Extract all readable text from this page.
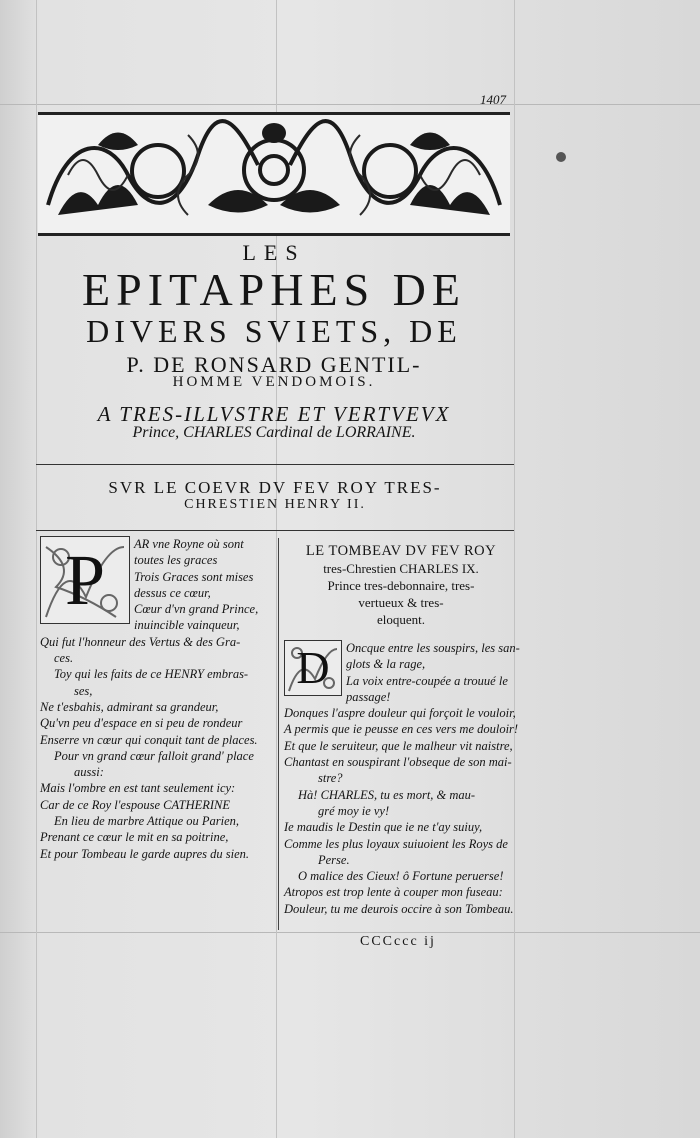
1407
LES
EPITAPHES DE
DIVERS SVIETS, DE
P. DE RONSARD GENTIL-
HOMME VENDOMOIS.
A TRES-ILLVSTRE ET VERTVEVX
Prince, CHARLES Cardinal de LORRAINE.
SVR LE COEVR DV FEV ROY TRES-
CHRESTIEN HENRY II.
P	AR vne Royne où sont
toutes les graces
Trois Graces sont mises
dessus ce cœur,
Cœur d'vn grand Prince,
inuincible vainqueur,
Qui fut l'honneur des Vertus & des Gra-
ces.
Toy qui les faits de ce HENRY embras-
ses,
Ne t'esbahis, admirant sa grandeur,
Qu'vn peu d'espace en si peu de rondeur
Enserre vn cœur qui conquit tant de places.
Pour vn grand cœur falloit grand' place
aussi:
Mais l'ombre en est tant seulement icy:
Car de ce Roy l'espouse CATHERINE
En lieu de marbre Attique ou Parien,
Prenant ce cœur le mit en sa poitrine,
Et pour Tombeau le garde aupres du sien.
LE TOMBEAV DV FEV ROY
tres-Chrestien CHARLES IX.
Prince tres-debonnaire, tres-
vertueux & tres-
eloquent.
D	Oncque entre les souspirs, les san-
glots & la rage,
La voix entre-coupée a trouué le
passage!
Donques l'aspre douleur qui forçoit le vouloir,
A permis que ie peusse en ces vers me douloir!
Et que le seruiteur, que le malheur vit naistre,
Chantast en souspirant l'obseque de son mai-
stre?
Hà! CHARLES, tu es mort, & mau-
gré moy ie vy!
Ie maudis le Destin que ie ne t'ay suiuy,
Comme les plus loyaux suiuoient les Roys de
Perse.
O malice des Cieux! ô Fortune peruerse!
Atropos est trop lente à couper mon fuseau:
Douleur, tu me deurois occire à son Tombeau.
CCCccc ij
